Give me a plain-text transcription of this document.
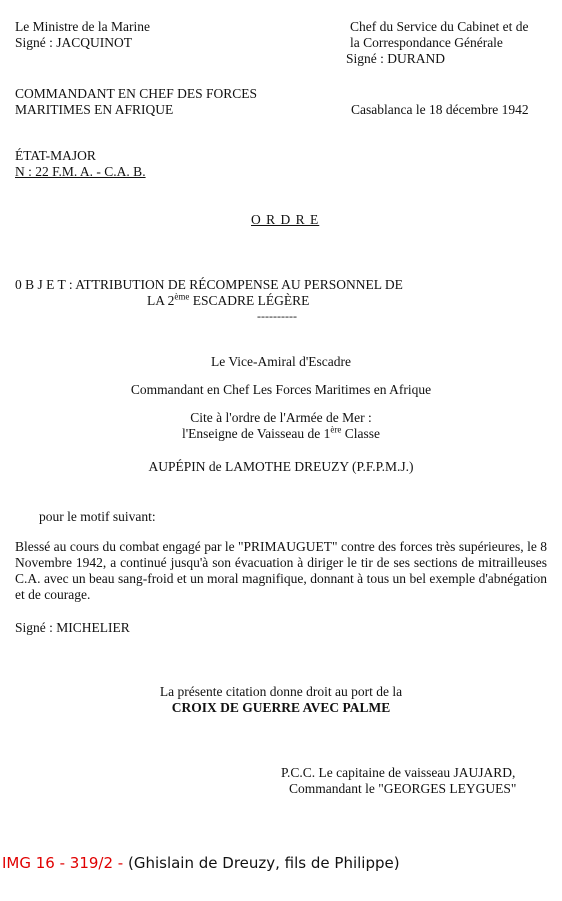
Le Ministre de la Marine
Signé : JACQUINOT
Chef du Service du Cabinet et de
la Correspondance Générale
Signé : DURAND
COMMANDANT EN CHEF DES FORCES
MARITIMES EN AFRIQUE	Casablanca le 18 décembre 1942
ÉTAT-MAJOR
N : 22 F.M. A. - C.A. B.
O R D R E
0 B J E T : ATTRIBUTION DE RÉCOMPENSE AU PERSONNEL DE
LA 2ème ESCADRE LÉGÈRE
----------
Le Vice-Amiral d'Escadre
Commandant en Chef Les Forces Maritimes en Afrique
Cite à l'ordre de l'Armée de Mer :
l'Enseigne de Vaisseau de 1ère Classe
AUPÉPIN de LAMOTHE DREUZY (P.F.P.M.J.)
pour le motif suivant:
Blessé au cours du combat engagé par le "PRIMAUGUET" contre des forces très supérieures, le 8 Novembre 1942, a continué jusqu'à son évacuation à diriger le tir de ses sections de mitrailleuses C.A. avec un beau sang-froid et un moral magnifique, donnant à tous un bel exemple d'abnégation et de courage.
Signé : MICHELIER
La présente citation donne droit au port de la
CROIX DE GUERRE AVEC PALME
P.C.C. Le capitaine de vaisseau JAUJARD,
Commandant le "GEORGES LEYGUES"
IMG 16 - 319/2 - (Ghislain de Dreuzy, fils de Philippe)
